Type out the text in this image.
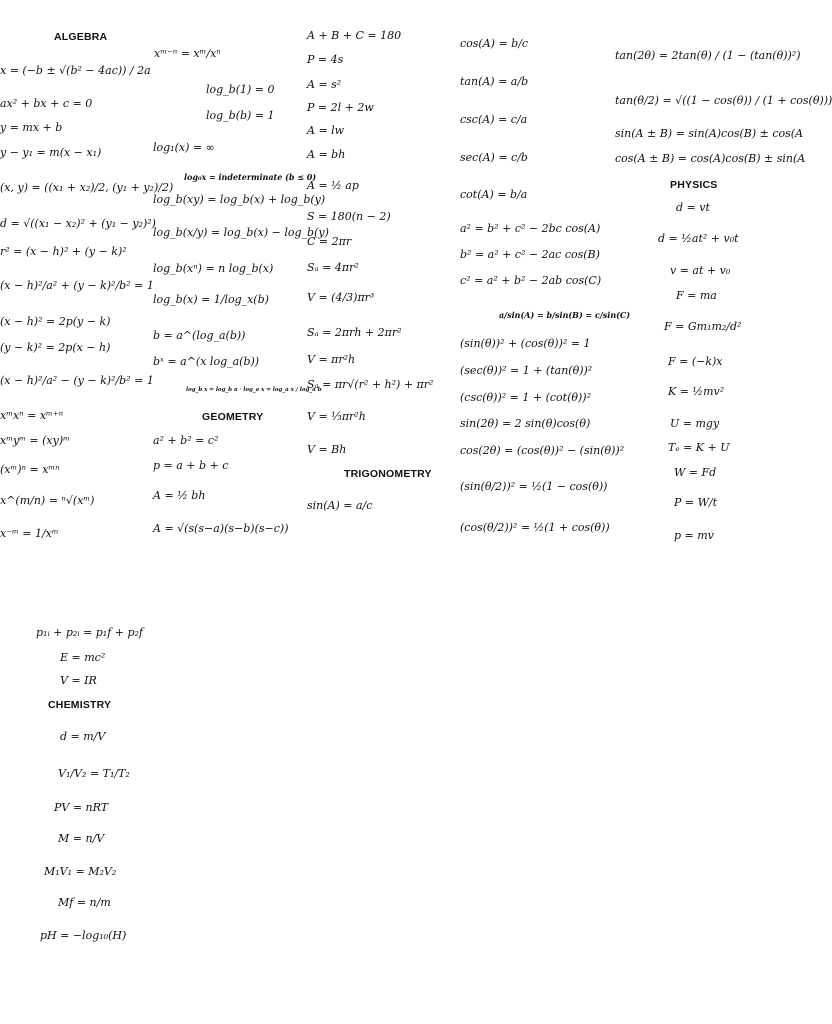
ALGEBRA
x = (−b ± √(b² − 4ac)) / 2a
ax² + bx + c = 0
y = mx + b
y − y₁ = m(x − x₁)
(x, y) = ((x₁ + x₂)/2, (y₁ + y₂)/2)
d = √((x₁ − x₂)² + (y₁ − y₂)²)
r² = (x − h)² + (y − k)²
(x − h)²/a² + (y − k)²/b² = 1
(x − h)² = 2p(y − k)
(y − k)² = 2p(x − h)
(x − h)²/a² − (y − k)²/b² = 1
xᵐxⁿ = xᵐ⁺ⁿ
xᵐyᵐ = (xy)ᵐ
(xᵐ)ⁿ = xᵐⁿ
x^(m/n) = ⁿ√(xᵐ)
x⁻ᵐ = 1/xᵐ
xᵐ⁻ⁿ = xᵐ/xⁿ
log_b(1) = 0
log_b(b) = 1
log₁(x) = ∞
log₀x = indeterminate (b ≤ 0)
log_b(xy) = log_b(x) + log_b(y)
log_b(x/y) = log_b(x) − log_b(y)
log_b(xⁿ) = n log_b(x)
log_b(x) = 1/log_x(b)
b = a^(log_a(b))
bˣ = a^(x log_a(b))
log_b x = log_b a · log_a x = log_a x / log_a b
GEOMETRY
a² + b² = c²
p = a + b + c
A = ½ bh
A = √(s(s−a)(s−b)(s−c))
A + B + C = 180
P = 4s
A = s²
P = 2l + 2w
A = lw
A = bh
A = ½ ap
S = 180(n − 2)
C = 2πr
Sₐ = 4πr²
V = (4/3)πr³
Sₐ = 2πrh + 2πr²
V = πr²h
Sₐ = πr√(r² + h²) + πr²
V = ⅓πr²h
V = Bh
TRIGONOMETRY
sin(A) = a/c
cos(A) = b/c
tan(A) = a/b
csc(A) = c/a
sec(A) = c/b
cot(A) = b/a
a² = b² + c² − 2bc cos(A)
b² = a² + c² − 2ac cos(B)
c² = a² + b² − 2ab cos(C)
a/sin(A) = b/sin(B) = c/sin(C)
(sin(θ))² + (cos(θ))² = 1
(sec(θ))² = 1 + (tan(θ))²
(csc(θ))² = 1 + (cot(θ))²
sin(2θ) = 2 sin(θ)cos(θ)
cos(2θ) = (cos(θ))² − (sin(θ))²
(sin(θ/2))² = ½(1 − cos(θ))
(cos(θ/2))² = ½(1 + cos(θ))
tan(2θ) = 2tan(θ) / (1 − (tan(θ))²)
tan(θ/2) = √((1 − cos(θ)) / (1 + cos(θ)))
sin(A ± B) = sin(A)cos(B) ± cos(A
cos(A ± B) = cos(A)cos(B) ± sin(A
PHYSICS
d = vt
d = ½at² + v₀t
v = at + v₀
F = ma
F = Gm₁m₂/d²
F = (−k)x
K = ½mv²
U = mgy
Tₑ = K + U
W = Fd
P = W/t
p = mv
p₁ᵢ + p₂ᵢ = p₁f + p₂f
E = mc²
V = IR
CHEMISTRY
d = m/V
V₁/V₂ = T₁/T₂
PV = nRT
M = n/V
M₁V₁ = M₂V₂
Mf = n/m
pH = −log₁₀(H)
